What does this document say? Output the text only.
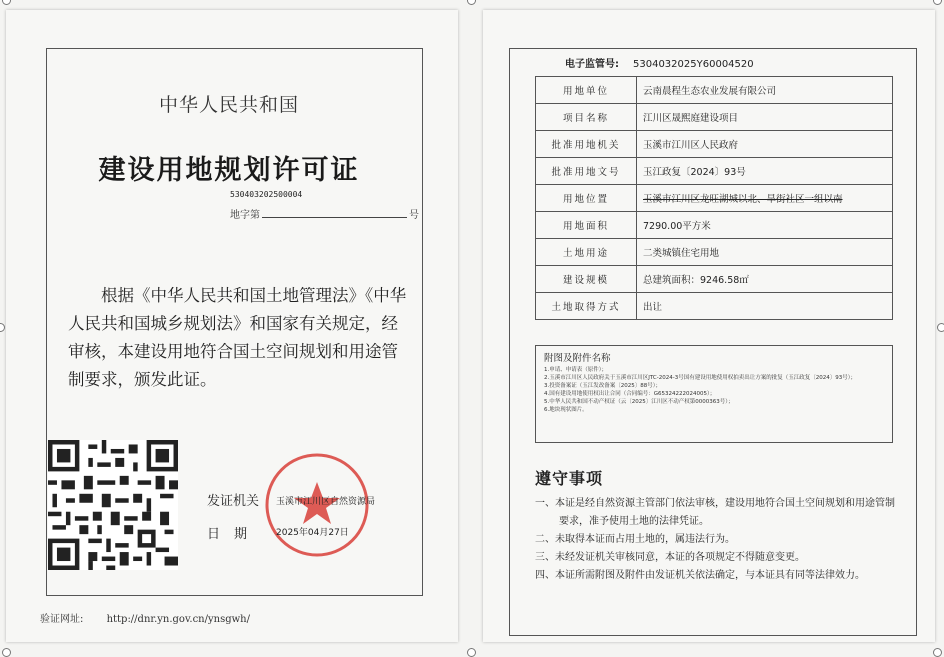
中华人民共和国
建设用地规划许可证
530403202500004
地字第	号
根据《中华人民共和国土地管理法》《中华人民共和国城乡规划法》和国家有关规定，经审核，本建设用地符合国土空间规划和用途管制要求，颁发此证。
发证机关 玉溪市江川区自然资源局
日期 2025年04月27日
验证网址: http://dnr.yn.gov.cn/ynsgwh/
电子监管号: 5304032025Y60004520
用地单位	云南晨程生态农业发展有限公司
项目名称	江川区晟熙庭建设项目
批准用地机关	玉溪市江川区人民政府
批准用地文号	玉江政复〔2024〕93号
用地位置	玉溪市江川区龙旺湖城以北、旱街社区一组以南
用地面积	7290.00平方米
土地用途	二类城镇住宅用地
建设规模	总建筑面积：9246.58㎡
土地取得方式	出让
附图及附件名称
1.申请、申请表（原件）；
2.玉溪市江川区人民政府关于玉溪市江川区JTC-2024-3号国有建设用地使用权拍卖出让方案的批复（玉江政复〔2024〕93号）；
3.投资备案证（玉江发改备案〔2025〕88号）；
4.国有建设用地使用权出让合同（合同编号：G65324222024005）；
5.中华人民共和国不动产权证（云〔2025〕江川区不动产权第0000363号）；
6.地块现状图片。
遵守事项
一、本证是经自然资源主管部门依法审核，建设用地符合国土空间规划和用途管制要求，准予使用土地的法律凭证。
二、未取得本证而占用土地的，属违法行为。
三、未经发证机关审核同意，本证的各项规定不得随意变更。
四、本证所需附图及附件由发证机关依法确定，与本证具有同等法律效力。
